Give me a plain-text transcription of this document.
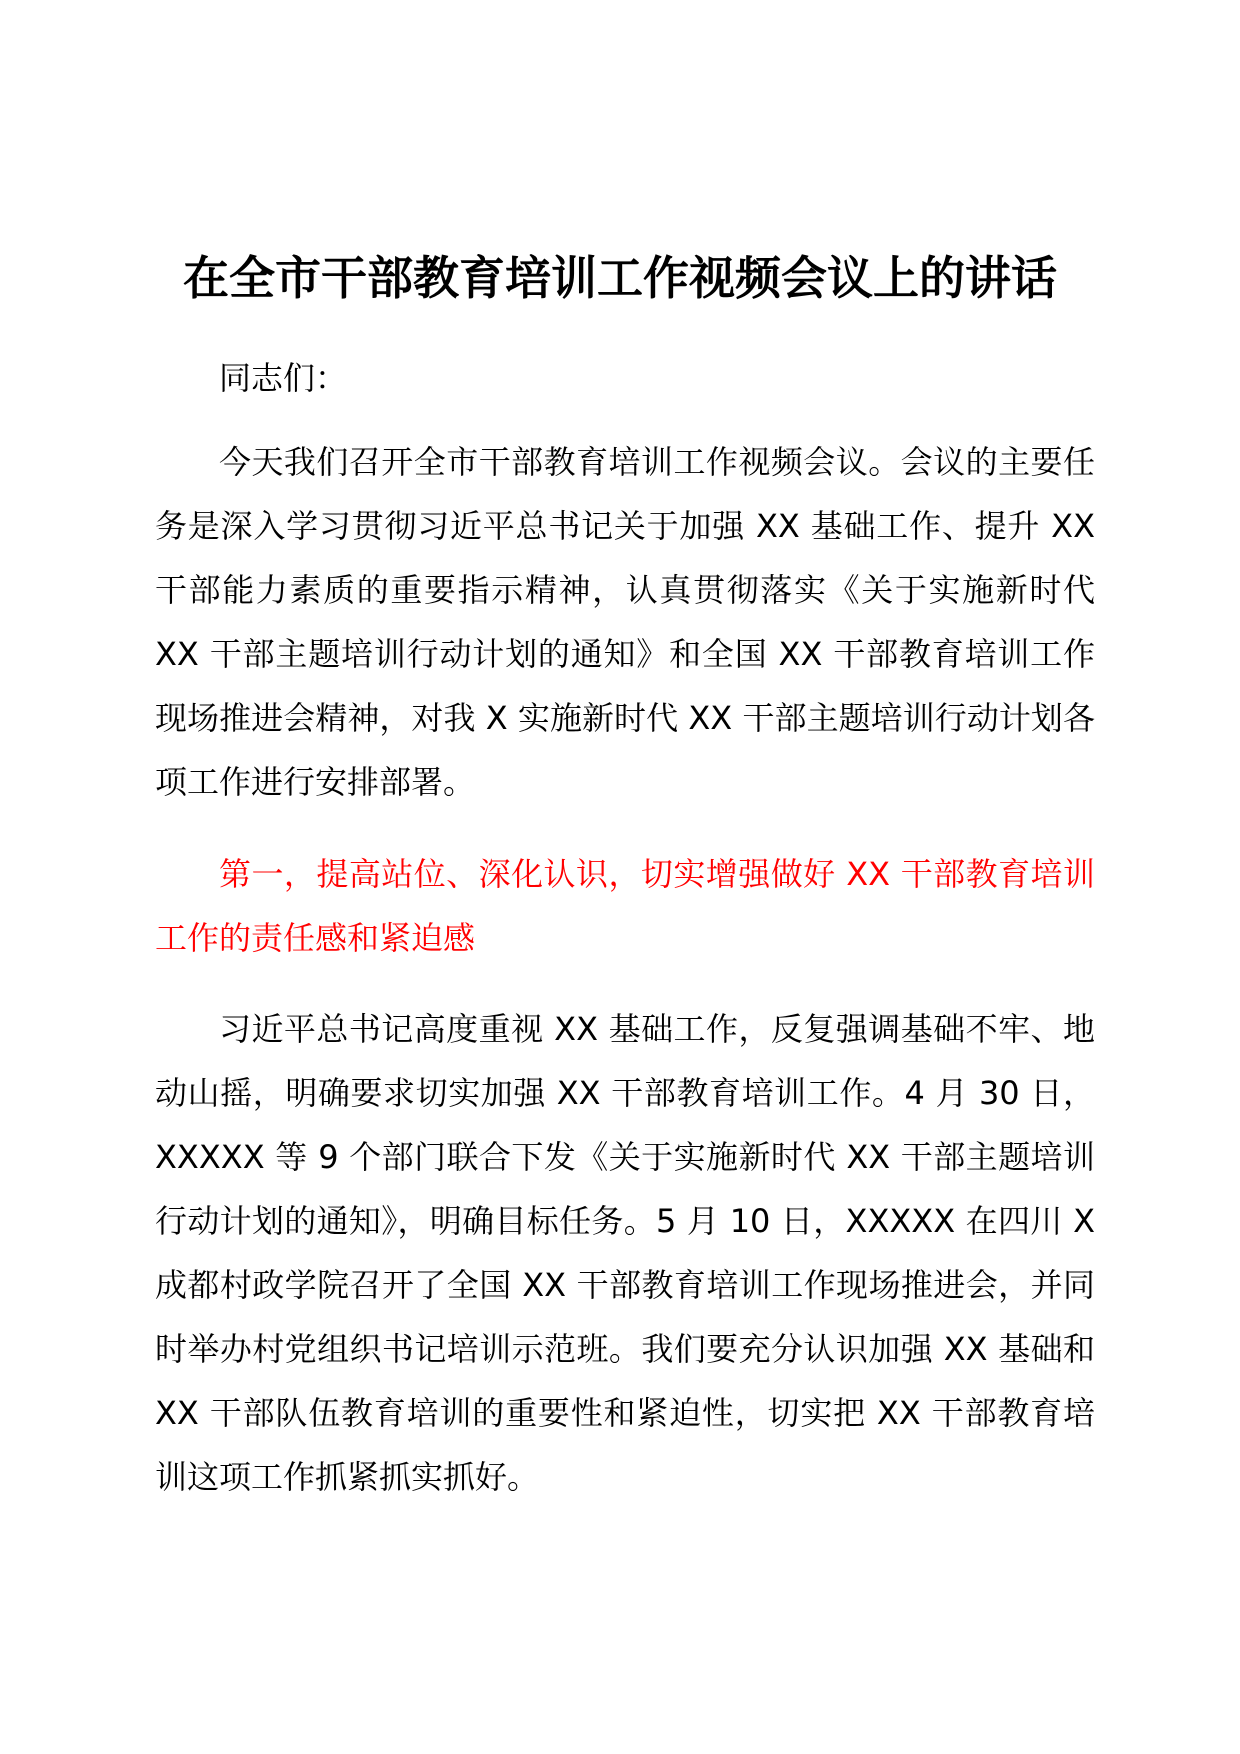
在全市干部教育培训工作视频会议上的讲话
同志们：
今天我们召开全市干部教育培训工作视频会议。会议的主要任务是深入学习贯彻习近平总书记关于加强 XX 基础工作、提升 XX 干部能力素质的重要指示精神，认真贯彻落实《关于实施新时代 XX 干部主题培训行动计划的通知》和全国 XX 干部教育培训工作现场推进会精神，对我 X 实施新时代 XX 干部主题培训行动计划各项工作进行安排部署。
第一，提高站位、深化认识，切实增强做好 XX 干部教育培训工作的责任感和紧迫感
习近平总书记高度重视 XX 基础工作，反复强调基础不牢、地动山摇，明确要求切实加强 XX 干部教育培训工作。4 月 30 日，XXXXX 等 9 个部门联合下发《关于实施新时代 XX 干部主题培训行动计划的通知》，明确目标任务。5 月 10 日，XXXXX 在四川 X 成都村政学院召开了全国 XX 干部教育培训工作现场推进会，并同时举办村党组织书记培训示范班。我们要充分认识加强 XX 基础和 XX 干部队伍教育培训的重要性和紧迫性，切实把 XX 干部教育培训这项工作抓紧抓实抓好。
